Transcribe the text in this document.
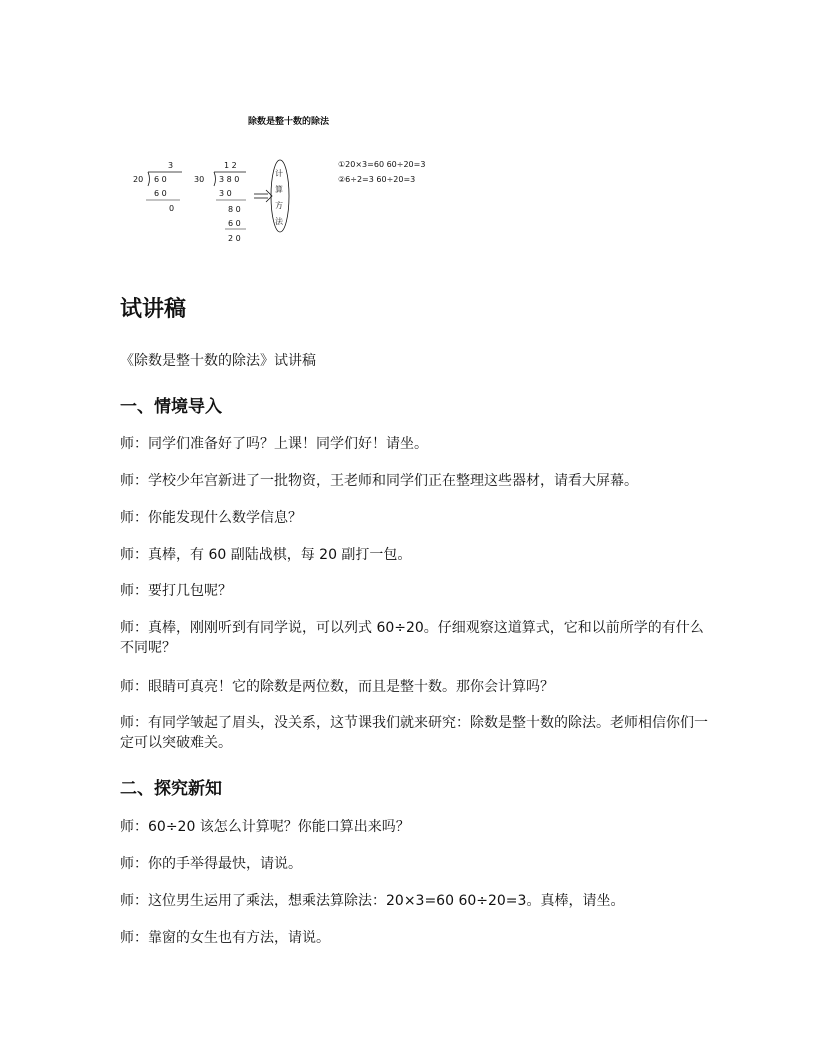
除数是整十数的除法
3
20 6 0
6 0
0
1 2
30 3 8 0
3 0
8 0
6 0
2 0
计
算
方
法
①20×3=60 60÷20=3
②6÷2=3 60÷20=3
试讲稿

《除数是整十数的除法》试讲稿

一、情境导入

师：同学们准备好了吗？上课！同学们好！请坐。

师：学校少年宫新进了一批物资，王老师和同学们正在整理这些器材，请看大屏幕。

师：你能发现什么数学信息？

师：真棒，有 60 副陆战棋，每 20 副打一包。

师：要打几包呢？

师：真棒，刚刚听到有同学说，可以列式 60÷20。仔细观察这道算式，它和以前所学的有什么不同呢？

师：眼睛可真亮！它的除数是两位数，而且是整十数。那你会计算吗？

师：有同学皱起了眉头，没关系，这节课我们就来研究：除数是整十数的除法。老师相信你们一定可以突破难关。

二、探究新知

师：60÷20 该怎么计算呢？你能口算出来吗？

师：你的手举得最快，请说。

师：这位男生运用了乘法，想乘法算除法：20×3=60 60÷20=3。真棒，请坐。

师：靠窗的女生也有方法，请说。
